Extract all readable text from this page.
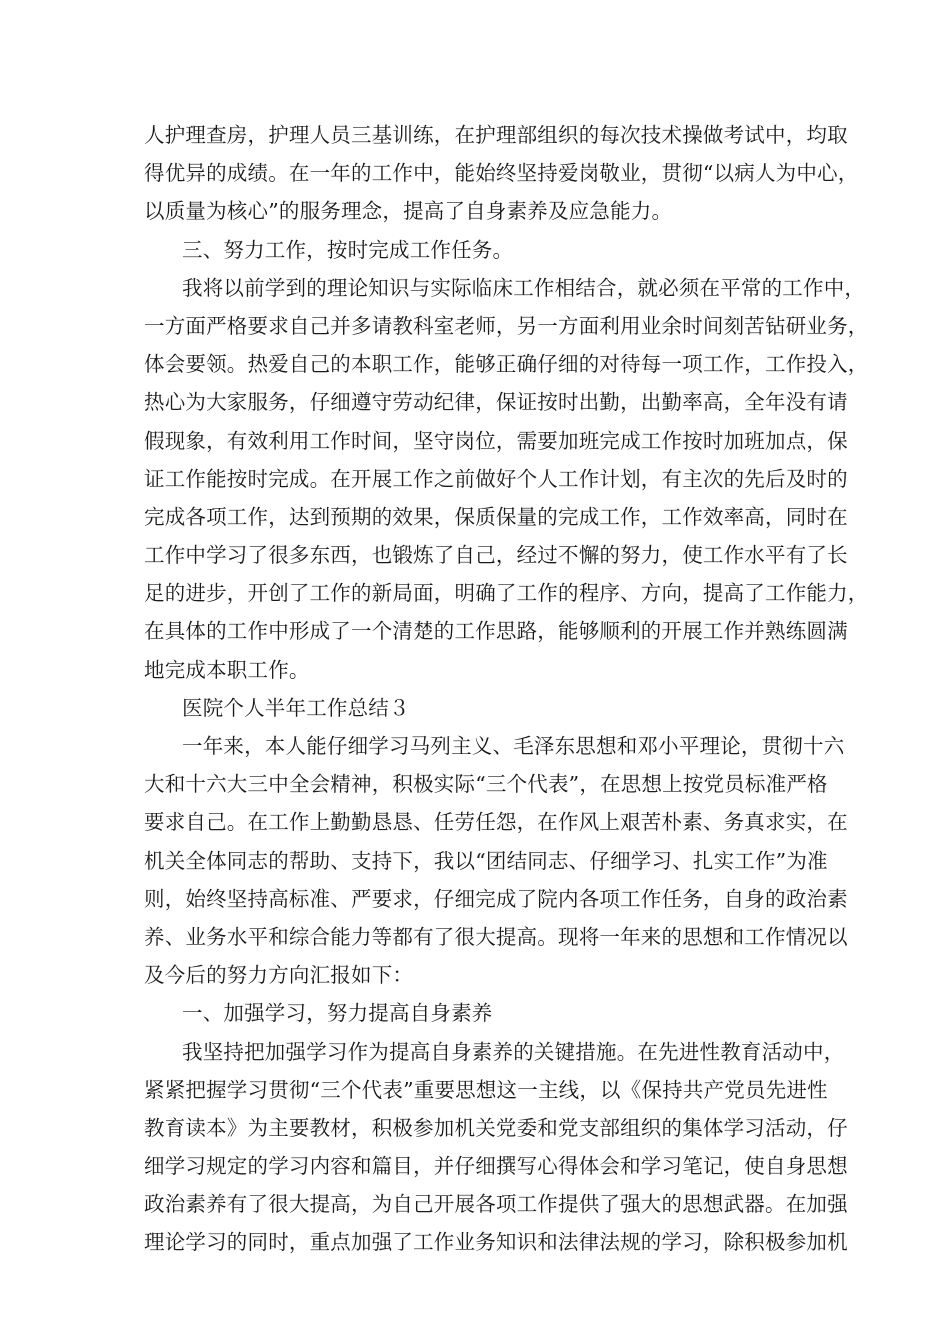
人护理查房，护理人员三基训练，在护理部组织的每次技术操做考试中，均取
得优异的成绩。在一年的工作中，能始终坚持爱岗敬业，贯彻“以病人为中心，
以质量为核心”的服务理念，提高了自身素养及应急能力。
三、努力工作，按时完成工作任务。
我将以前学到的理论知识与实际临床工作相结合，就必须在平常的工作中，
一方面严格要求自己并多请教科室老师，另一方面利用业余时间刻苦钻研业务，
体会要领。热爱自己的本职工作，能够正确仔细的对待每一项工作，工作投入，
热心为大家服务，仔细遵守劳动纪律，保证按时出勤，出勤率高，全年没有请
假现象，有效利用工作时间，坚守岗位，需要加班完成工作按时加班加点，保
证工作能按时完成。在开展工作之前做好个人工作计划，有主次的先后及时的
完成各项工作，达到预期的效果，保质保量的完成工作，工作效率高，同时在
工作中学习了很多东西，也锻炼了自己，经过不懈的努力，使工作水平有了长
足的进步，开创了工作的新局面，明确了工作的程序、方向，提高了工作能力，
在具体的工作中形成了一个清楚的工作思路，能够顺利的开展工作并熟练圆满
地完成本职工作。
医院个人半年工作总结３
一年来，本人能仔细学习马列主义、毛泽东思想和邓小平理论，贯彻十六
大和十六大三中全会精神，积极实际“三个代表”，在思想上按党员标准严格
要求自己。在工作上勤勤恳恳、任劳任怨，在作风上艰苦朴素、务真求实，在
机关全体同志的帮助、支持下，我以“团结同志、仔细学习、扎实工作”为准
则，始终坚持高标准、严要求，仔细完成了院内各项工作任务，自身的政治素
养、业务水平和综合能力等都有了很大提高。现将一年来的思想和工作情况以
及今后的努力方向汇报如下：
一、加强学习，努力提高自身素养
我坚持把加强学习作为提高自身素养的关键措施。在先进性教育活动中，
紧紧把握学习贯彻“三个代表”重要思想这一主线，以《保持共产党员先进性
教育读本》为主要教材，积极参加机关党委和党支部组织的集体学习活动，仔
细学习规定的学习内容和篇目，并仔细撰写心得体会和学习笔记，使自身思想
政治素养有了很大提高，为自己开展各项工作提供了强大的思想武器。在加强
理论学习的同时，重点加强了工作业务知识和法律法规的学习，除积极参加机
